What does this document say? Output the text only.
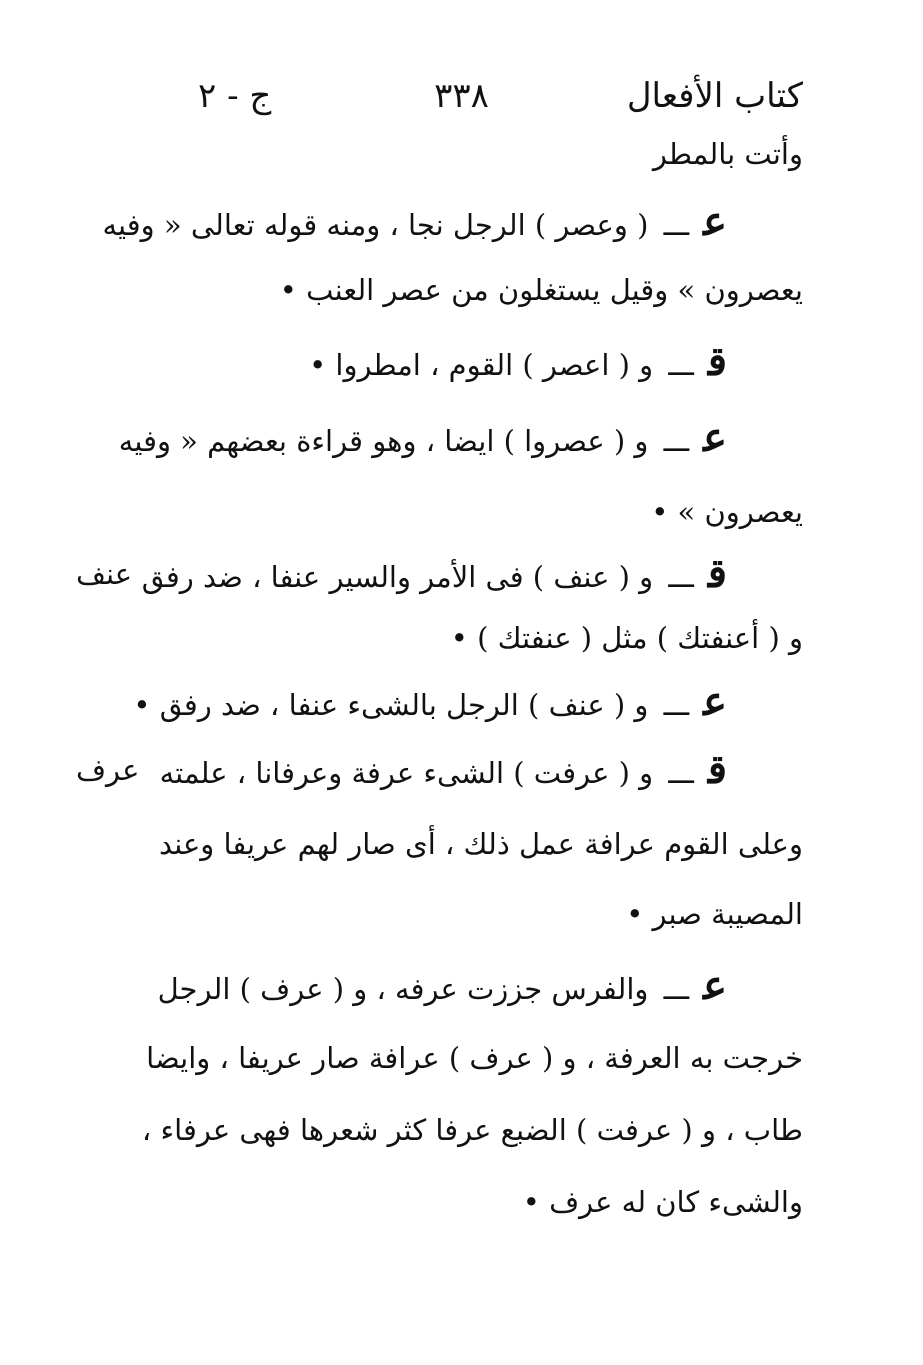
كتاب الأفعال
٣٣٨
ج - ٢
وأتت بالمطر
عـــ ( وعصر ) الرجل نجا ، ومنه قوله تعالى « وفيه
يعصرون » وقيل يستغلون من عصر العنب •
قـــ و ( اعصر ) القوم ، امطروا •
عـــ و ( عصروا ) ايضا ، وهو قراءة بعضهم « وفيه
يعصرون » •
عنف	قـــ و ( عنف ) فى الأمر والسير عنفا ، ضد رفق
و ( أعنفتك ) مثل ( عنفتك ) •
عـــ و ( عنف ) الرجل بالشىء عنفا ، ضد رفق •
عرف	قـــ و ( عرفت ) الشىء عرفة وعرفانا ، علمته
وعلى القوم عرافة عمل ذلك ، أى صار لهم عريفا وعند
المصيبة صبر •
عـــ والفرس جززت عرفه ، و ( عرف ) الرجل
خرجت به العرفة ، و ( عرف ) عرافة صار عريفا ، وايضا
طاب ، و ( عرفت ) الضبع عرفا كثر شعرها فهى عرفاء ،
والشىء كان له عرف •
